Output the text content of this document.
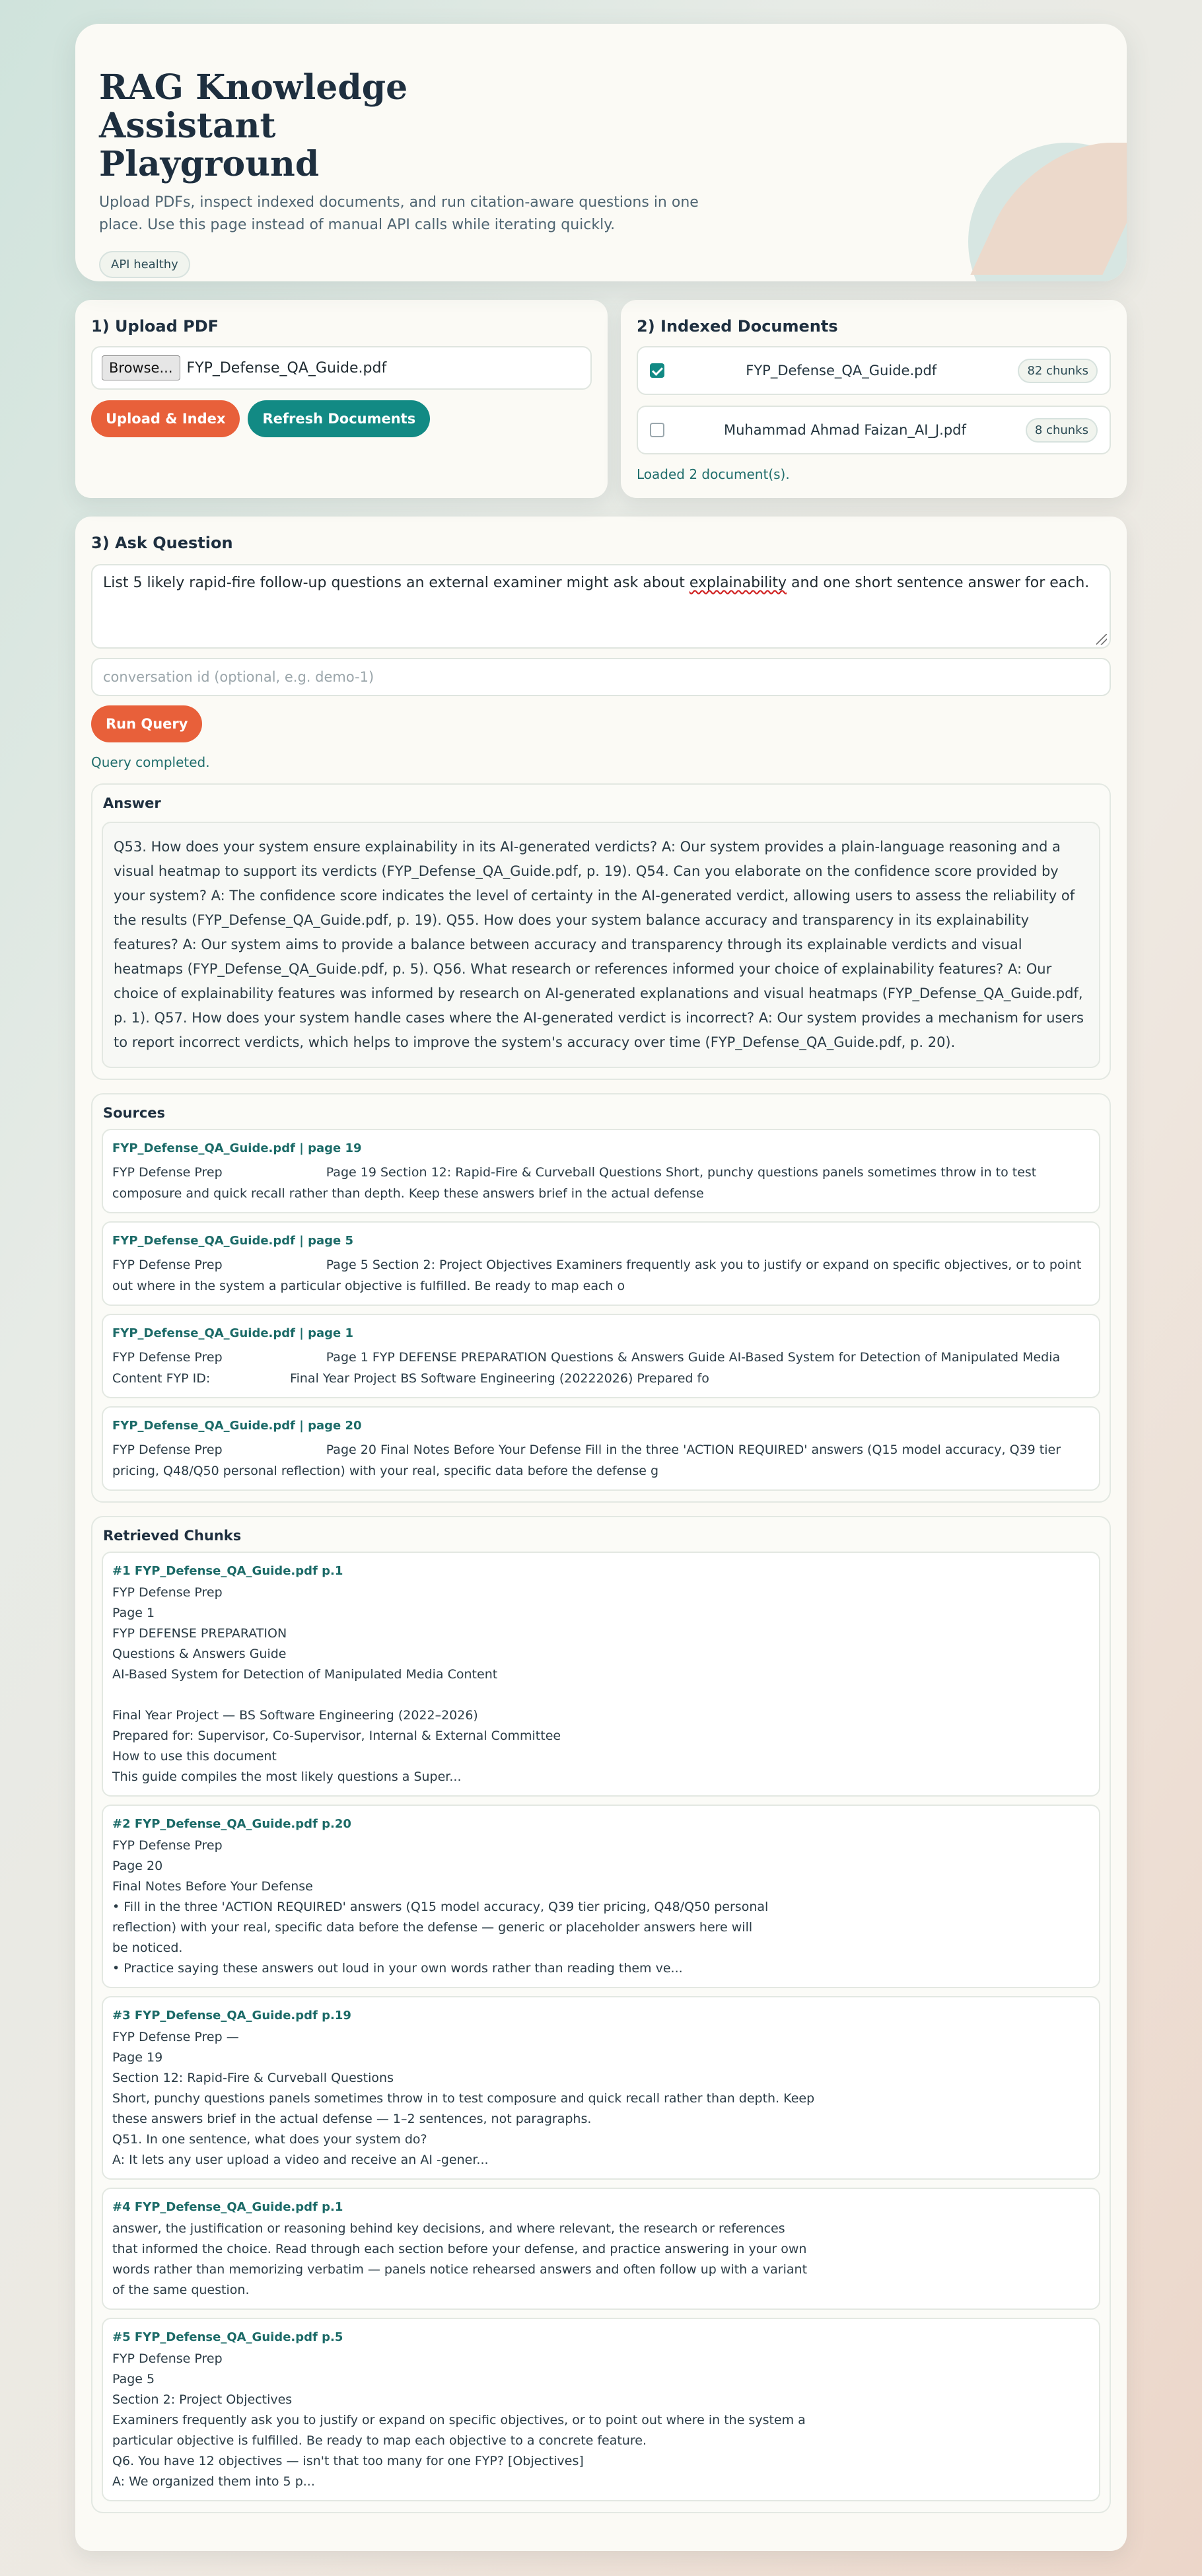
RAG Knowledge Assistant Playground

Upload PDFs, inspect indexed documents, and run citation-aware questions in one place. Use this page instead of manual API calls while iterating quickly.

API healthy
1) Upload PDF
Browse... FYP_Defense_QA_Guide.pdf
Upload & Index	Refresh Documents
2) Indexed Documents
FYP_Defense_QA_Guide.pdf	82 chunks
Muhammad Ahmad Faizan_AI_J.pdf	8 chunks

Loaded 2 document(s).

3) Ask Question
List 5 likely rapid-fire follow-up questions an external examiner might ask about explainability and one short sentence answer for each.
conversation id (optional, e.g. demo-1)
Run Query

Query completed.

Answer
Q53. How does your system ensure explainability in its AI-generated verdicts? A: Our system provides a plain-language reasoning and a visual heatmap to support its verdicts (FYP_Defense_QA_Guide.pdf, p. 19). Q54. Can you elaborate on the confidence score provided by your system? A: The confidence score indicates the level of certainty in the AI-generated verdict, allowing users to assess the reliability of the results (FYP_Defense_QA_Guide.pdf, p. 19). Q55. How does your system balance accuracy and transparency in its explainability features? A: Our system aims to provide a balance between accuracy and transparency through its explainable verdicts and visual heatmaps (FYP_Defense_QA_Guide.pdf, p. 5). Q56. What research or references informed your choice of explainability features? A: Our choice of explainability features was informed by research on AI-generated explanations and visual heatmaps (FYP_Defense_QA_Guide.pdf, p. 1). Q57. How does your system handle cases where the AI-generated verdict is incorrect? A: Our system provides a mechanism for users to report incorrect verdicts, which helps to improve the system's accuracy over time (FYP_Defense_QA_Guide.pdf, p. 20).
Sources
FYP_Defense_QA_Guide.pdf | page 19
FYP Defense Prep                          Page 19 Section 12: Rapid-Fire & Curveball Questions Short, punchy questions panels sometimes throw in to test composure and quick recall rather than depth. Keep these answers brief in the actual defense
FYP_Defense_QA_Guide.pdf | page 5
FYP Defense Prep                          Page 5 Section 2: Project Objectives Examiners frequently ask you to justify or expand on specific objectives, or to point out where in the system a particular objective is fulfilled. Be ready to map each o
FYP_Defense_QA_Guide.pdf | page 1
FYP Defense Prep                          Page 1 FYP DEFENSE PREPARATION Questions & Answers Guide AI-Based System for Detection of Manipulated Media Content FYP ID:                    Final Year Project BS Software Engineering (20222026) Prepared fo
FYP_Defense_QA_Guide.pdf | page 20
FYP Defense Prep                          Page 20 Final Notes Before Your Defense Fill in the three 'ACTION REQUIRED' answers (Q15 model accuracy, Q39 tier pricing, Q48/Q50 personal reflection) with your real, specific data before the defense g
Retrieved Chunks
#1 FYP_Defense_QA_Guide.pdf p.1
FYP Defense Prep
Page 1
FYP DEFENSE PREPARATION
Questions & Answers Guide
AI-Based System for Detection of Manipulated Media Content

Final Year Project — BS Software Engineering (2022–2026)
Prepared for: Supervisor, Co-Supervisor, Internal & External Committee
How to use this document
This guide compiles the most likely questions a Super...
#2 FYP_Defense_QA_Guide.pdf p.20
FYP Defense Prep
Page 20
Final Notes Before Your Defense
• Fill in the three 'ACTION REQUIRED' answers (Q15 model accuracy, Q39 tier pricing, Q48/Q50 personal
reflection) with your real, specific data before the defense — generic or placeholder answers here will
be noticed.
• Practice saying these answers out loud in your own words rather than reading them ve...
#3 FYP_Defense_QA_Guide.pdf p.19
FYP Defense Prep —
Page 19
Section 12: Rapid-Fire & Curveball Questions
Short, punchy questions panels sometimes throw in to test composure and quick recall rather than depth. Keep
these answers brief in the actual defense — 1–2 sentences, not paragraphs.
Q51. In one sentence, what does your system do?
A: It lets any user upload a video and receive an AI -gener...
#4 FYP_Defense_QA_Guide.pdf p.1
answer, the justification or reasoning behind key decisions, and where relevant, the research or references
that informed the choice. Read through each section before your defense, and practice answering in your own
words rather than memorizing verbatim — panels notice rehearsed answers and often follow up with a variant
of the same question.
#5 FYP_Defense_QA_Guide.pdf p.5
FYP Defense Prep
Page 5
Section 2: Project Objectives
Examiners frequently ask you to justify or expand on specific objectives, or to point out where in the system a
particular objective is fulfilled. Be ready to map each objective to a concrete feature.
Q6. You have 12 objectives — isn't that too many for one FYP? [Objectives]
A: We organized them into 5 p...
